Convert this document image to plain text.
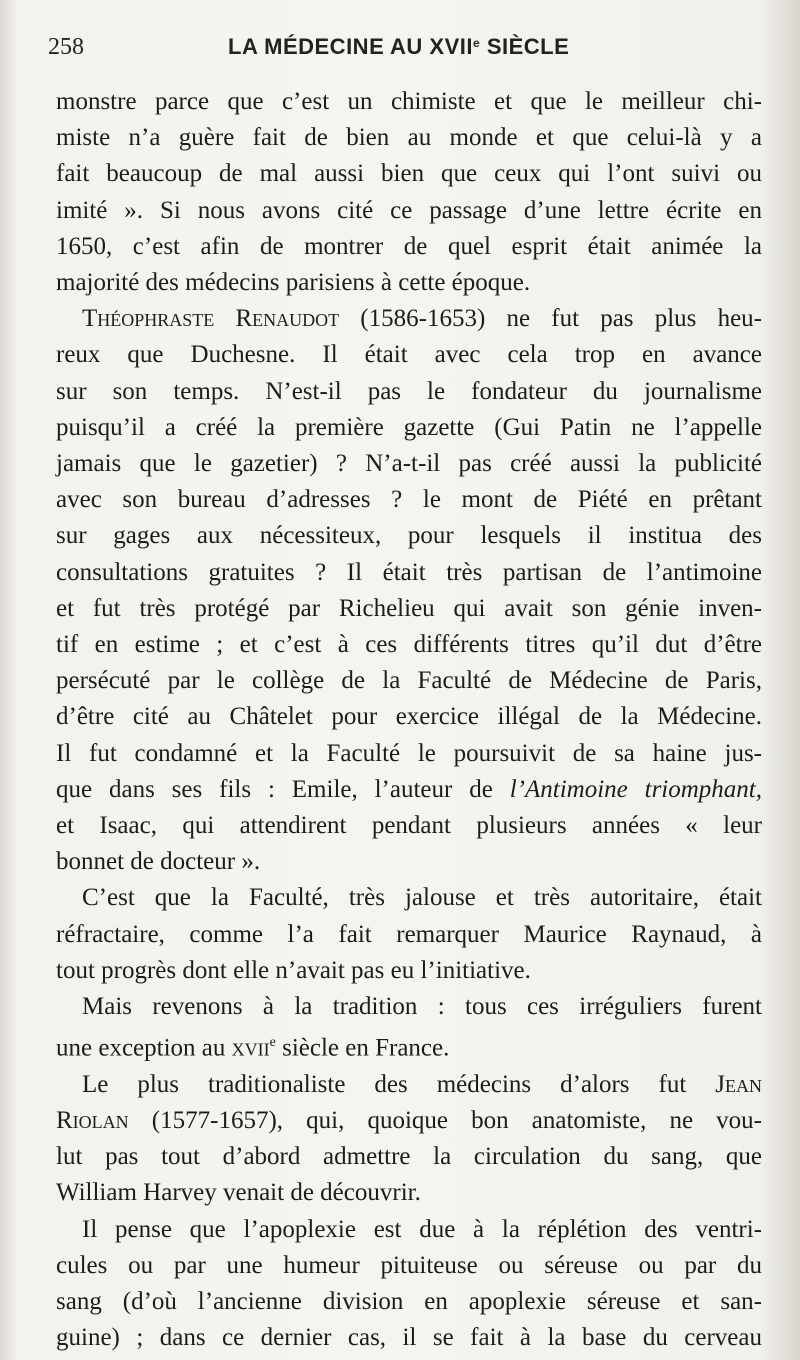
258	LA MÉDECINE AU XVIIe SIÈCLE

monstre parce que c’est un chimiste et que le meilleur chi-
miste n’a guère fait de bien au monde et que celui-là y a
fait beaucoup de mal aussi bien que ceux qui l’ont suivi ou
imité ». Si nous avons cité ce passage d’une lettre écrite en
1650, c’est afin de montrer de quel esprit était animée la
majorité des médecins parisiens à cette époque.

Théophraste Renaudot (1586-1653) ne fut pas plus heu-
reux que Duchesne. Il était avec cela trop en avance
sur son temps. N’est-il pas le fondateur du journalisme
puisqu’il a créé la première gazette (Gui Patin ne l’appelle
jamais que le gazetier) ? N’a-t-il pas créé aussi la publicité
avec son bureau d’adresses ? le mont de Piété en prêtant
sur gages aux nécessiteux, pour lesquels il institua des
consultations gratuites ? Il était très partisan de l’antimoine
et fut très protégé par Richelieu qui avait son génie inven-
tif en estime ; et c’est à ces différents titres qu’il dut d’être
persécuté par le collège de la Faculté de Médecine de Paris,
d’être cité au Châtelet pour exercice illégal de la Médecine.
Il fut condamné et la Faculté le poursuivit de sa haine jus-
que dans ses fils : Emile, l’auteur de l’Antimoine triomphant,
et Isaac, qui attendirent pendant plusieurs années « leur
bonnet de docteur ».

C’est que la Faculté, très jalouse et très autoritaire, était
réfractaire, comme l’a fait remarquer Maurice Raynaud, à
tout progrès dont elle n’avait pas eu l’initiative.

Mais revenons à la tradition : tous ces irréguliers furent
une exception au xvii$^e$ siècle en France.

Le plus traditionaliste des médecins d’alors fut Jean
Riolan (1577-1657), qui, quoique bon anatomiste, ne vou-
lut pas tout d’abord admettre la circulation du sang, que
William Harvey venait de découvrir.

Il pense que l’apoplexie est due à la réplétion des ventri-
cules ou par une humeur pituiteuse ou séreuse ou par du
sang (d’où l’ancienne division en apoplexie séreuse et san-
guine) ; dans ce dernier cas, il se fait à la base du cerveau
